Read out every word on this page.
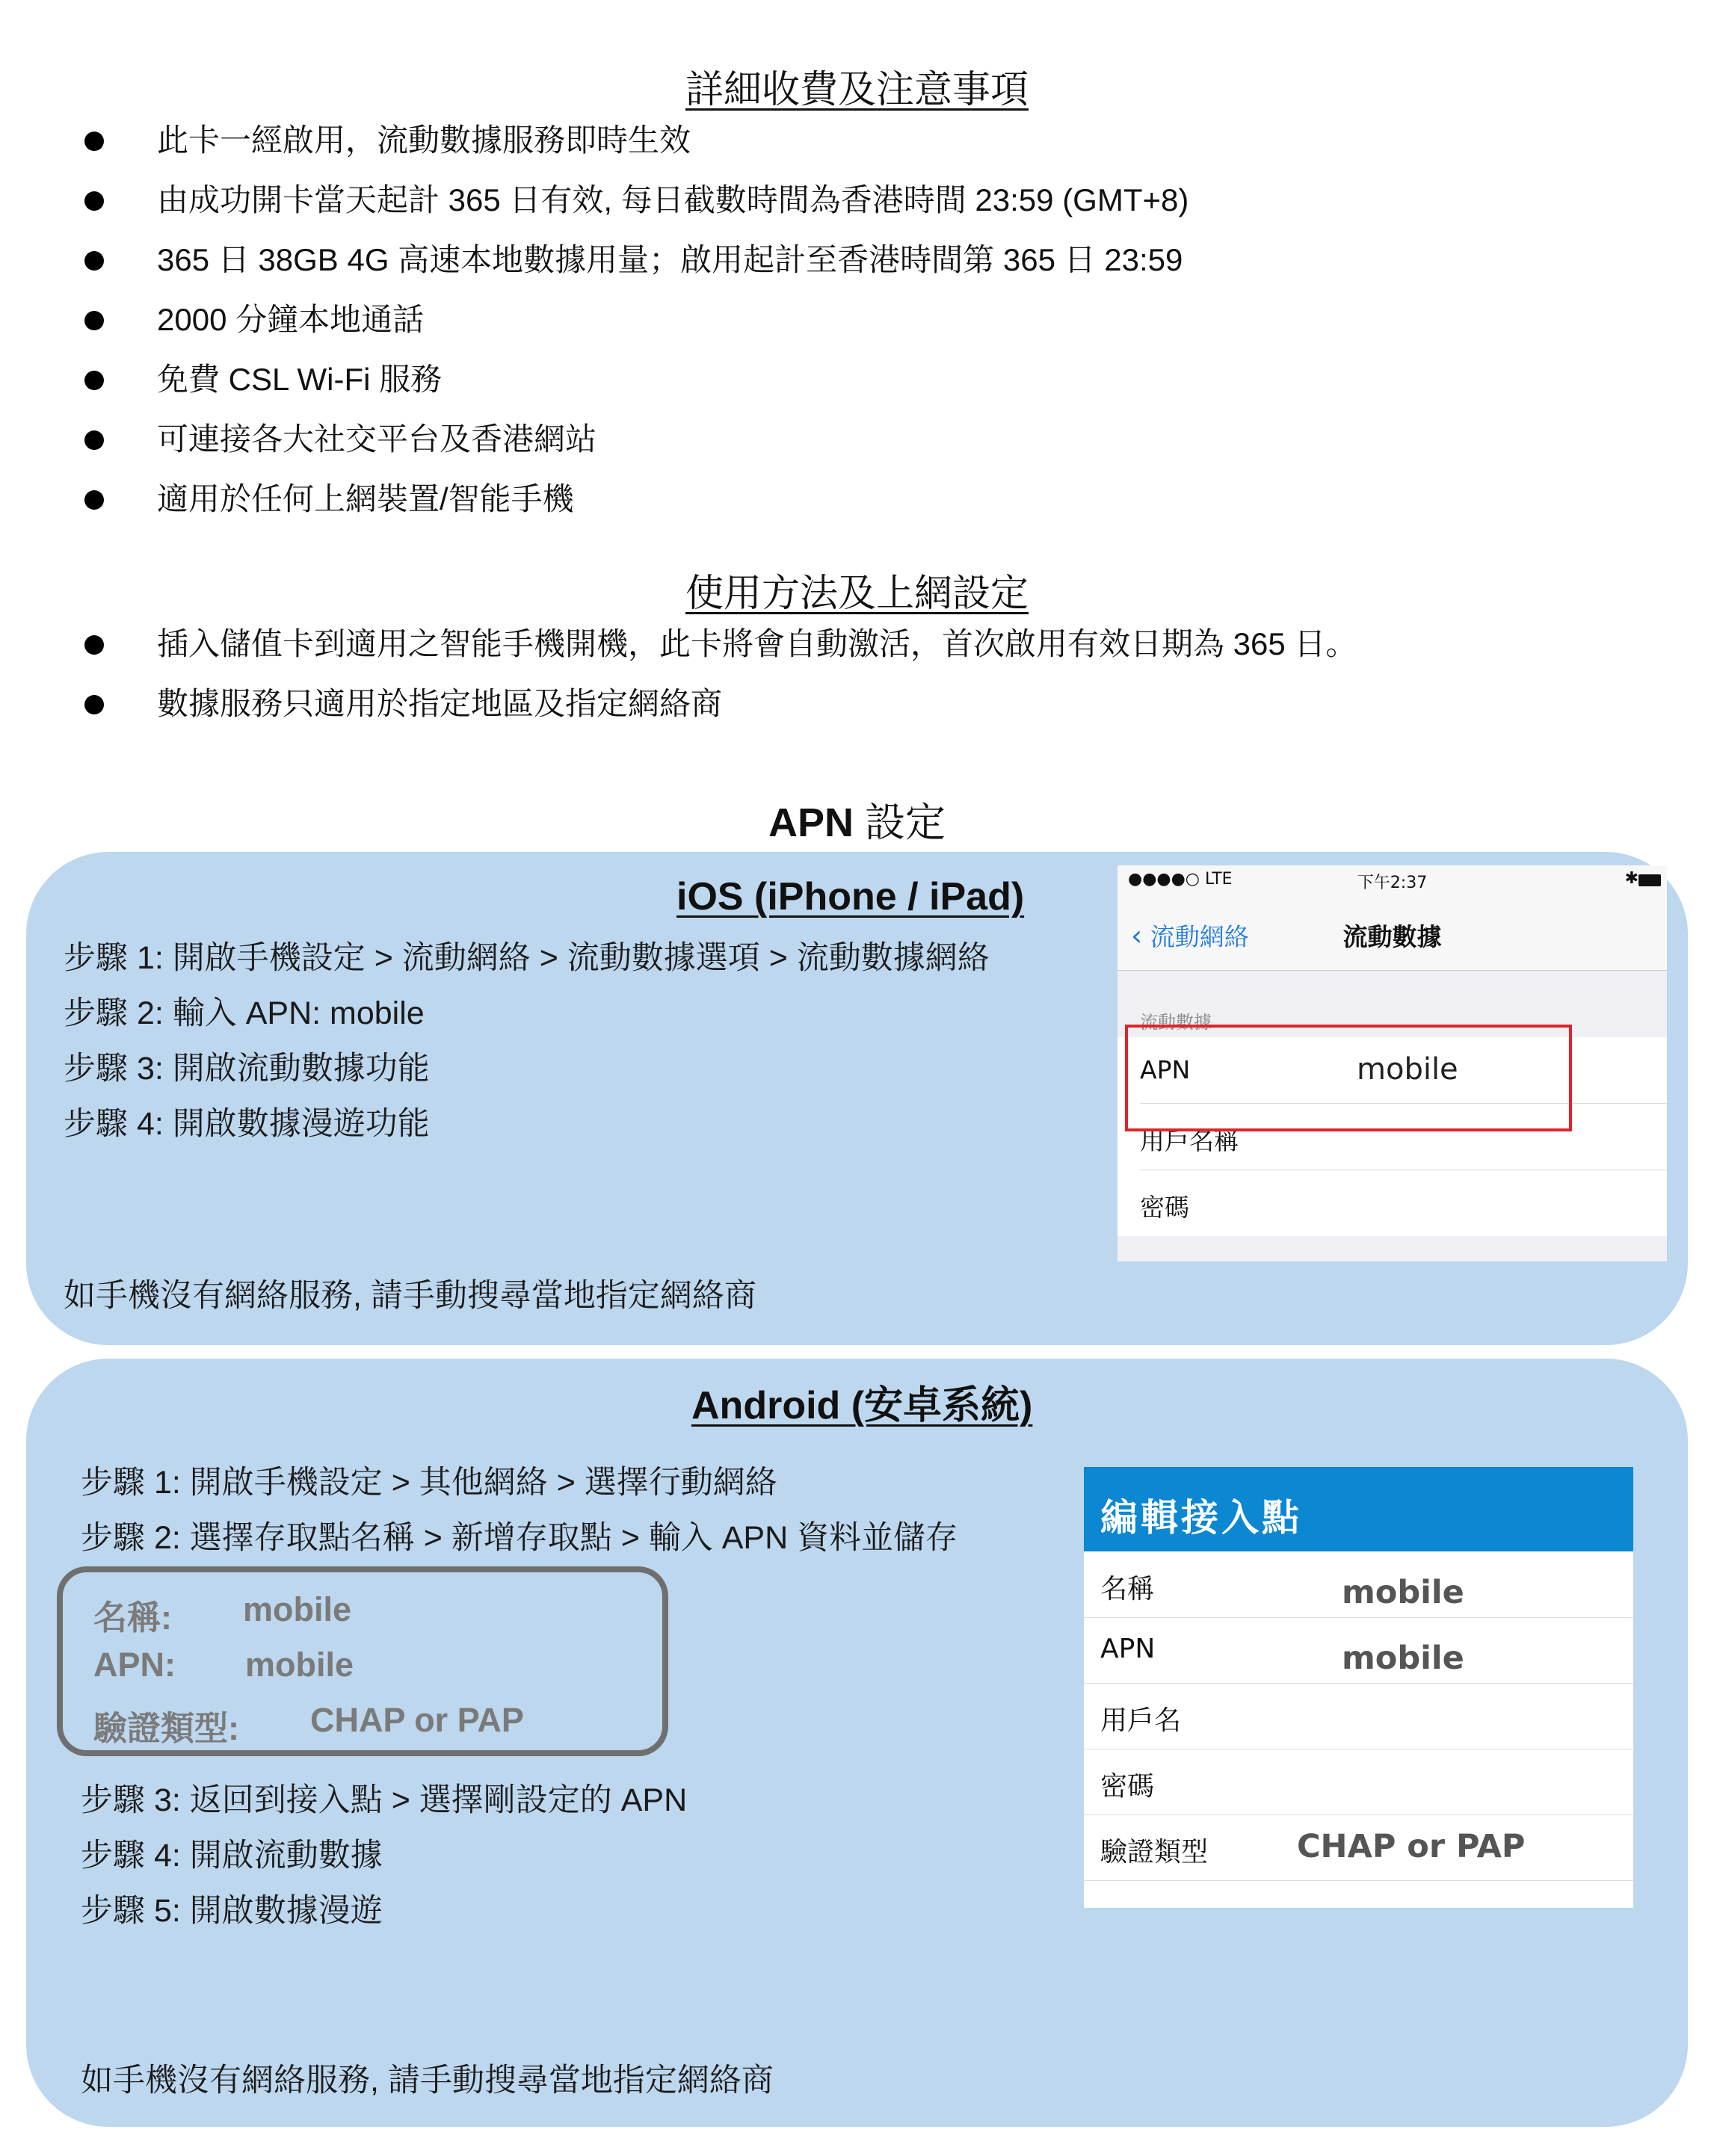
詳細收費及注意事項
此卡一經啟用，流動數據服務即時生效
由成功開卡當天起計 365 日有效, 每日截數時間為香港時間 23:59 (GMT+8)
365 日 38GB 4G 高速本地數據用量；啟用起計至香港時間第 365 日 23:59
2000 分鐘本地通話
免費 CSL Wi-Fi 服務
可連接各大社交平台及香港網站
適用於任何上網裝置/智能手機
使用方法及上網設定
插入儲值卡到適用之智能手機開機，此卡將會自動激活，首次啟用有效日期為 365 日。
數據服務只適用於指定地區及指定網絡商
APN 設定
iOS (iPhone / iPad)
步驟 1: 開啟手機設定 > 流動網絡 > 流動數據選項 > 流動數據網絡
步驟 2: 輸入 APN: mobile
步驟 3: 開啟流動數據功能
步驟 4: 開啟數據漫遊功能
如手機沒有網絡服務, 請手動搜尋當地指定網絡商
●●●●○ LTE	下午2:37	✱
‹ 流動網絡	流動數據
流動數據
APN	mobile
用戶名稱
密碼
Android (安卓系統)
步驟 1: 開啟手機設定 > 其他網絡 > 選擇行動網絡
步驟 2: 選擇存取點名稱 > 新增存取點 > 輸入 APN 資料並儲存
名稱: mobile
APN: mobile
驗證類型: CHAP or PAP
步驟 3: 返回到接入點 > 選擇剛設定的 APN
步驟 4: 開啟流動數據
步驟 5: 開啟數據漫遊
如手機沒有網絡服務, 請手動搜尋當地指定網絡商
編輯接入點
名稱	mobile
APN	mobile
用戶名
密碼
驗證類型	CHAP or PAP
